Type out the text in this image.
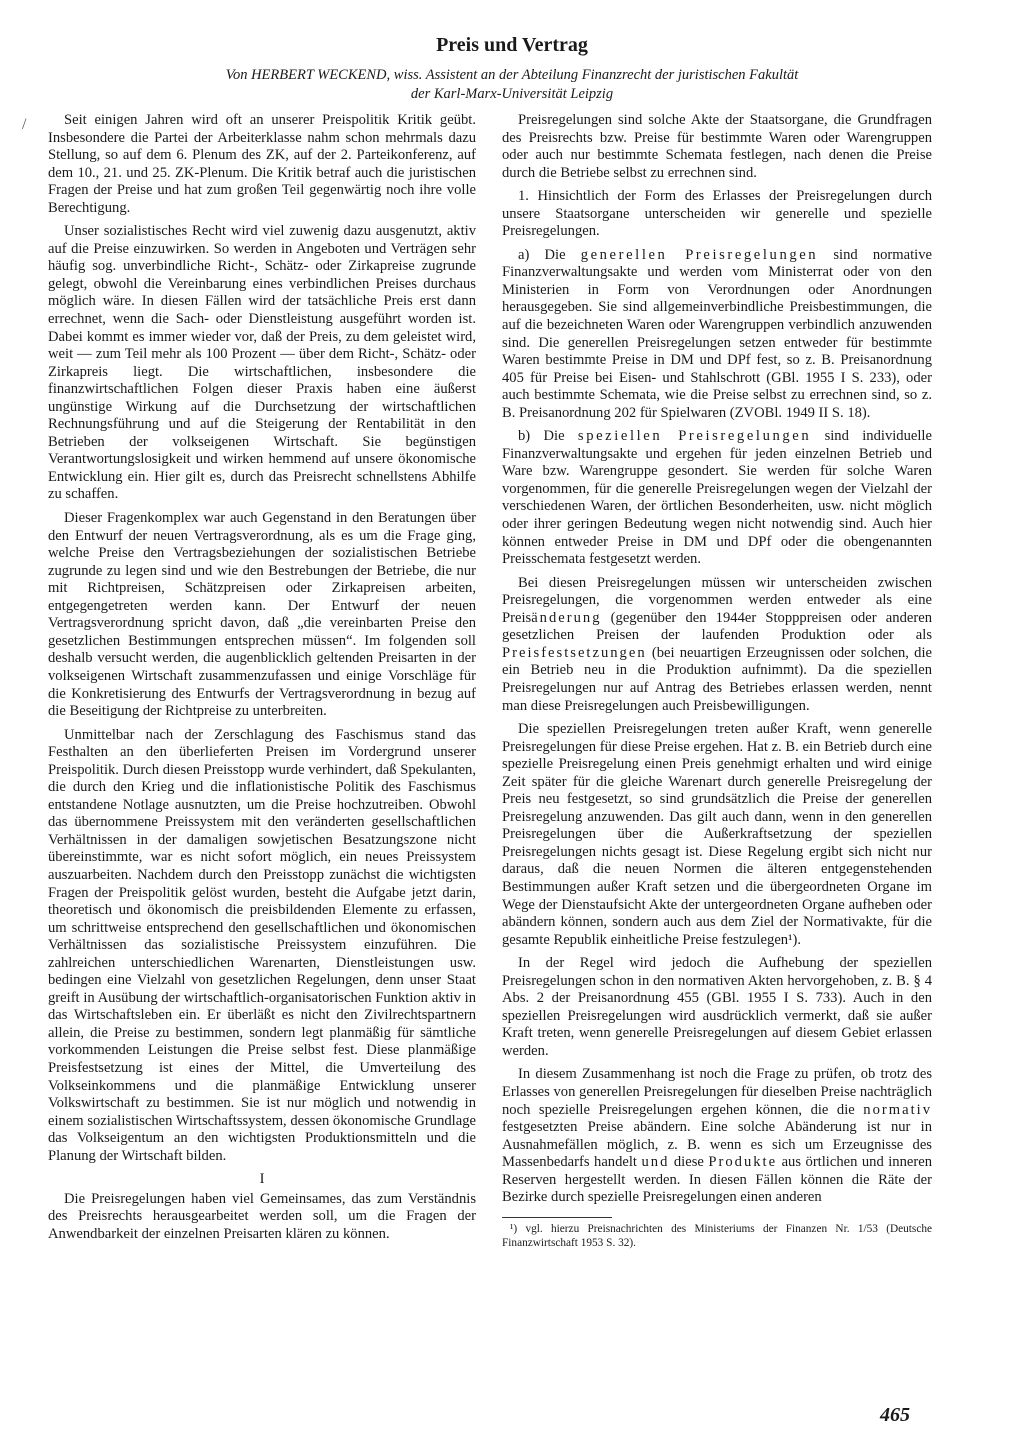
Preis und Vertrag

Von HERBERT WECKEND, wiss. Assistent an der Abteilung Finanzrecht der juristischen Fakultät

der Karl-Marx-Universität Leipzig

/	Seit einigen Jahren wird oft an unserer Preispolitik Kritik geübt. Insbesondere die Partei der Arbeiterklasse nahm schon mehrmals dazu Stellung, so auf dem 6. Plenum des ZK, auf der 2. Parteikonferenz, auf dem 10., 21. und 25. ZK-Plenum. Die Kritik betraf auch die juristischen Fragen der Preise und hat zum großen Teil gegenwärtig noch ihre volle Berechtigung.

Unser sozialistisches Recht wird viel zuwenig dazu ausgenutzt, aktiv auf die Preise einzuwirken. So werden in Angeboten und Verträgen sehr häufig sog. unverbindliche Richt-, Schätz- oder Zirkapreise zugrunde gelegt, obwohl die Vereinbarung eines verbindlichen Preises durchaus möglich wäre. In diesen Fällen wird der tatsächliche Preis erst dann errechnet, wenn die Sach- oder Dienstleistung ausgeführt worden ist. Dabei kommt es immer wieder vor, daß der Preis, zu dem geleistet wird, weit — zum Teil mehr als 100 Prozent — über dem Richt-, Schätz- oder Zirkapreis liegt. Die wirtschaftlichen, insbesondere die finanzwirtschaftlichen Folgen dieser Praxis haben eine äußerst ungünstige Wirkung auf die Durchsetzung der wirtschaftlichen Rechnungsführung und auf die Steigerung der Rentabilität in den Betrieben der volkseigenen Wirtschaft. Sie begünstigen Verantwortungslosigkeit und wirken hemmend auf unsere ökonomische Entwicklung ein. Hier gilt es, durch das Preisrecht schnellstens Abhilfe zu schaffen.

Dieser Fragenkomplex war auch Gegenstand in den Beratungen über den Entwurf der neuen Vertragsverordnung, als es um die Frage ging, welche Preise den Vertragsbeziehungen der sozialistischen Betriebe zugrunde zu legen sind und wie den Bestrebungen der Betriebe, die nur mit Richtpreisen, Schätzpreisen oder Zirkapreisen arbeiten, entgegengetreten werden kann. Der Entwurf der neuen Vertragsverordnung spricht davon, daß „die vereinbarten Preise den gesetzlichen Bestimmungen entsprechen müssen“. Im folgenden soll deshalb versucht werden, die augenblicklich geltenden Preisarten in der volkseigenen Wirtschaft zusammenzufassen und einige Vorschläge für die Konkretisierung des Entwurfs der Vertragsverordnung in bezug auf die Beseitigung der Richtpreise zu unterbreiten.

Unmittelbar nach der Zerschlagung des Faschismus stand das Festhalten an den überlieferten Preisen im Vordergrund unserer Preispolitik. Durch diesen Preisstopp wurde verhindert, daß Spekulanten, die durch den Krieg und die inflationistische Politik des Faschismus entstandene Notlage ausnutzten, um die Preise hochzutreiben. Obwohl das übernommene Preissystem mit den veränderten gesellschaftlichen Verhältnissen in der damaligen sowjetischen Besatzungszone nicht übereinstimmte, war es nicht sofort möglich, ein neues Preissystem auszuarbeiten. Nachdem durch den Preisstopp zunächst die wichtigsten Fragen der Preispolitik gelöst wurden, besteht die Aufgabe jetzt darin, theoretisch und ökonomisch die preisbildenden Elemente zu erfassen, um schrittweise entsprechend den gesellschaftlichen und ökonomischen Verhältnissen das sozialistische Preissystem einzuführen. Die zahlreichen unterschiedlichen Warenarten, Dienstleistungen usw. bedingen eine Vielzahl von gesetzlichen Regelungen, denn unser Staat greift in Ausübung der wirtschaftlich-organisatorischen Funktion aktiv in das Wirtschaftsleben ein. Er überläßt es nicht den Zivilrechtspartnern allein, die Preise zu bestimmen, sondern legt planmäßig für sämtliche vorkommenden Leistungen die Preise selbst fest. Diese planmäßige Preisfestsetzung ist eines der Mittel, die Umverteilung des Volkseinkommens und die planmäßige Entwicklung unserer Volkswirtschaft zu bestimmen. Sie ist nur möglich und notwendig in einem sozialistischen Wirtschaftssystem, dessen ökonomische Grundlage das Volkseigentum an den wichtigsten Produktionsmitteln und die Planung der Wirtschaft bilden.

I

Die Preisregelungen haben viel Gemeinsames, das zum Verständnis des Preisrechts herausgearbeitet werden soll, um die Fragen der Anwendbarkeit der einzelnen Preisarten klären zu können.

Preisregelungen sind solche Akte der Staatsorgane, die Grundfragen des Preisrechts bzw. Preise für bestimmte Waren oder Warengruppen oder auch nur bestimmte Schemata festlegen, nach denen die Preise durch die Betriebe selbst zu errechnen sind.

1. Hinsichtlich der Form des Erlasses der Preisregelungen durch unsere Staatsorgane unterscheiden wir generelle und spezielle Preisregelungen.

a) Die generellen Preisregelungen sind normative Finanzverwaltungsakte und werden vom Ministerrat oder von den Ministerien in Form von Verordnungen oder Anordnungen herausgegeben. Sie sind allgemeinverbindliche Preisbestimmungen, die auf die bezeichneten Waren oder Warengruppen verbindlich anzuwenden sind. Die generellen Preisregelungen setzen entweder für bestimmte Waren bestimmte Preise in DM und DPf fest, so z. B. Preisanordnung 405 für Preise bei Eisen- und Stahlschrott (GBl. 1955 I S. 233), oder auch bestimmte Schemata, wie die Preise selbst zu errechnen sind, so z. B. Preisanordnung 202 für Spielwaren (ZVOBl. 1949 II S. 18).

b) Die speziellen Preisregelungen sind individuelle Finanzverwaltungsakte und ergehen für jeden einzelnen Betrieb und Ware bzw. Warengruppe gesondert. Sie werden für solche Waren vorgenommen, für die generelle Preisregelungen wegen der Vielzahl der verschiedenen Waren, der örtlichen Besonderheiten, usw. nicht möglich oder ihrer geringen Bedeutung wegen nicht notwendig sind. Auch hier können entweder Preise in DM und DPf oder die obengenannten Preisschemata festgesetzt werden.

Bei diesen Preisregelungen müssen wir unterscheiden zwischen Preisregelungen, die vorgenommen werden entweder als eine Preisänderung (gegenüber den 1944er Stopppreisen oder anderen gesetzlichen Preisen der laufenden Produktion oder als Preisfestsetzungen (bei neuartigen Erzeugnissen oder solchen, die ein Betrieb neu in die Produktion aufnimmt). Da die speziellen Preisregelungen nur auf Antrag des Betriebes erlassen werden, nennt man diese Preisregelungen auch Preisbewilligungen.

Die speziellen Preisregelungen treten außer Kraft, wenn generelle Preisregelungen für diese Preise ergehen. Hat z. B. ein Betrieb durch eine spezielle Preisregelung einen Preis genehmigt erhalten und wird einige Zeit später für die gleiche Warenart durch generelle Preisregelung der Preis neu festgesetzt, so sind grundsätzlich die Preise der generellen Preisregelung anzuwenden. Das gilt auch dann, wenn in den generellen Preisregelungen über die Außerkraftsetzung der speziellen Preisregelungen nichts gesagt ist. Diese Regelung ergibt sich nicht nur daraus, daß die neuen Normen die älteren entgegenstehenden Bestimmungen außer Kraft setzen und die übergeordneten Organe im Wege der Dienstaufsicht Akte der untergeordneten Organe aufheben oder abändern können, sondern auch aus dem Ziel der Normativakte, für die gesamte Republik einheitliche Preise festzulegen¹).

In der Regel wird jedoch die Aufhebung der speziellen Preisregelungen schon in den normativen Akten hervorgehoben, z. B. § 4 Abs. 2 der Preisanordnung 455 (GBl. 1955 I S. 733). Auch in den speziellen Preisregelungen wird ausdrücklich vermerkt, daß sie außer Kraft treten, wenn generelle Preisregelungen auf diesem Gebiet erlassen werden.

In diesem Zusammenhang ist noch die Frage zu prüfen, ob trotz des Erlasses von generellen Preisregelungen für dieselben Preise nachträglich noch spezielle Preisregelungen ergehen können, die die normativ festgesetzten Preise abändern. Eine solche Abänderung ist nur in Ausnahmefällen möglich, z. B. wenn es sich um Erzeugnisse des Massenbedarfs handelt und diese Produkte aus örtlichen und inneren Reserven hergestellt werden. In diesen Fällen können die Räte der Bezirke durch spezielle Preisregelungen einen anderen

¹) vgl. hierzu Preisnachrichten des Ministeriums der Finanzen Nr. 1/53 (Deutsche Finanzwirtschaft 1953 S. 32).

465
